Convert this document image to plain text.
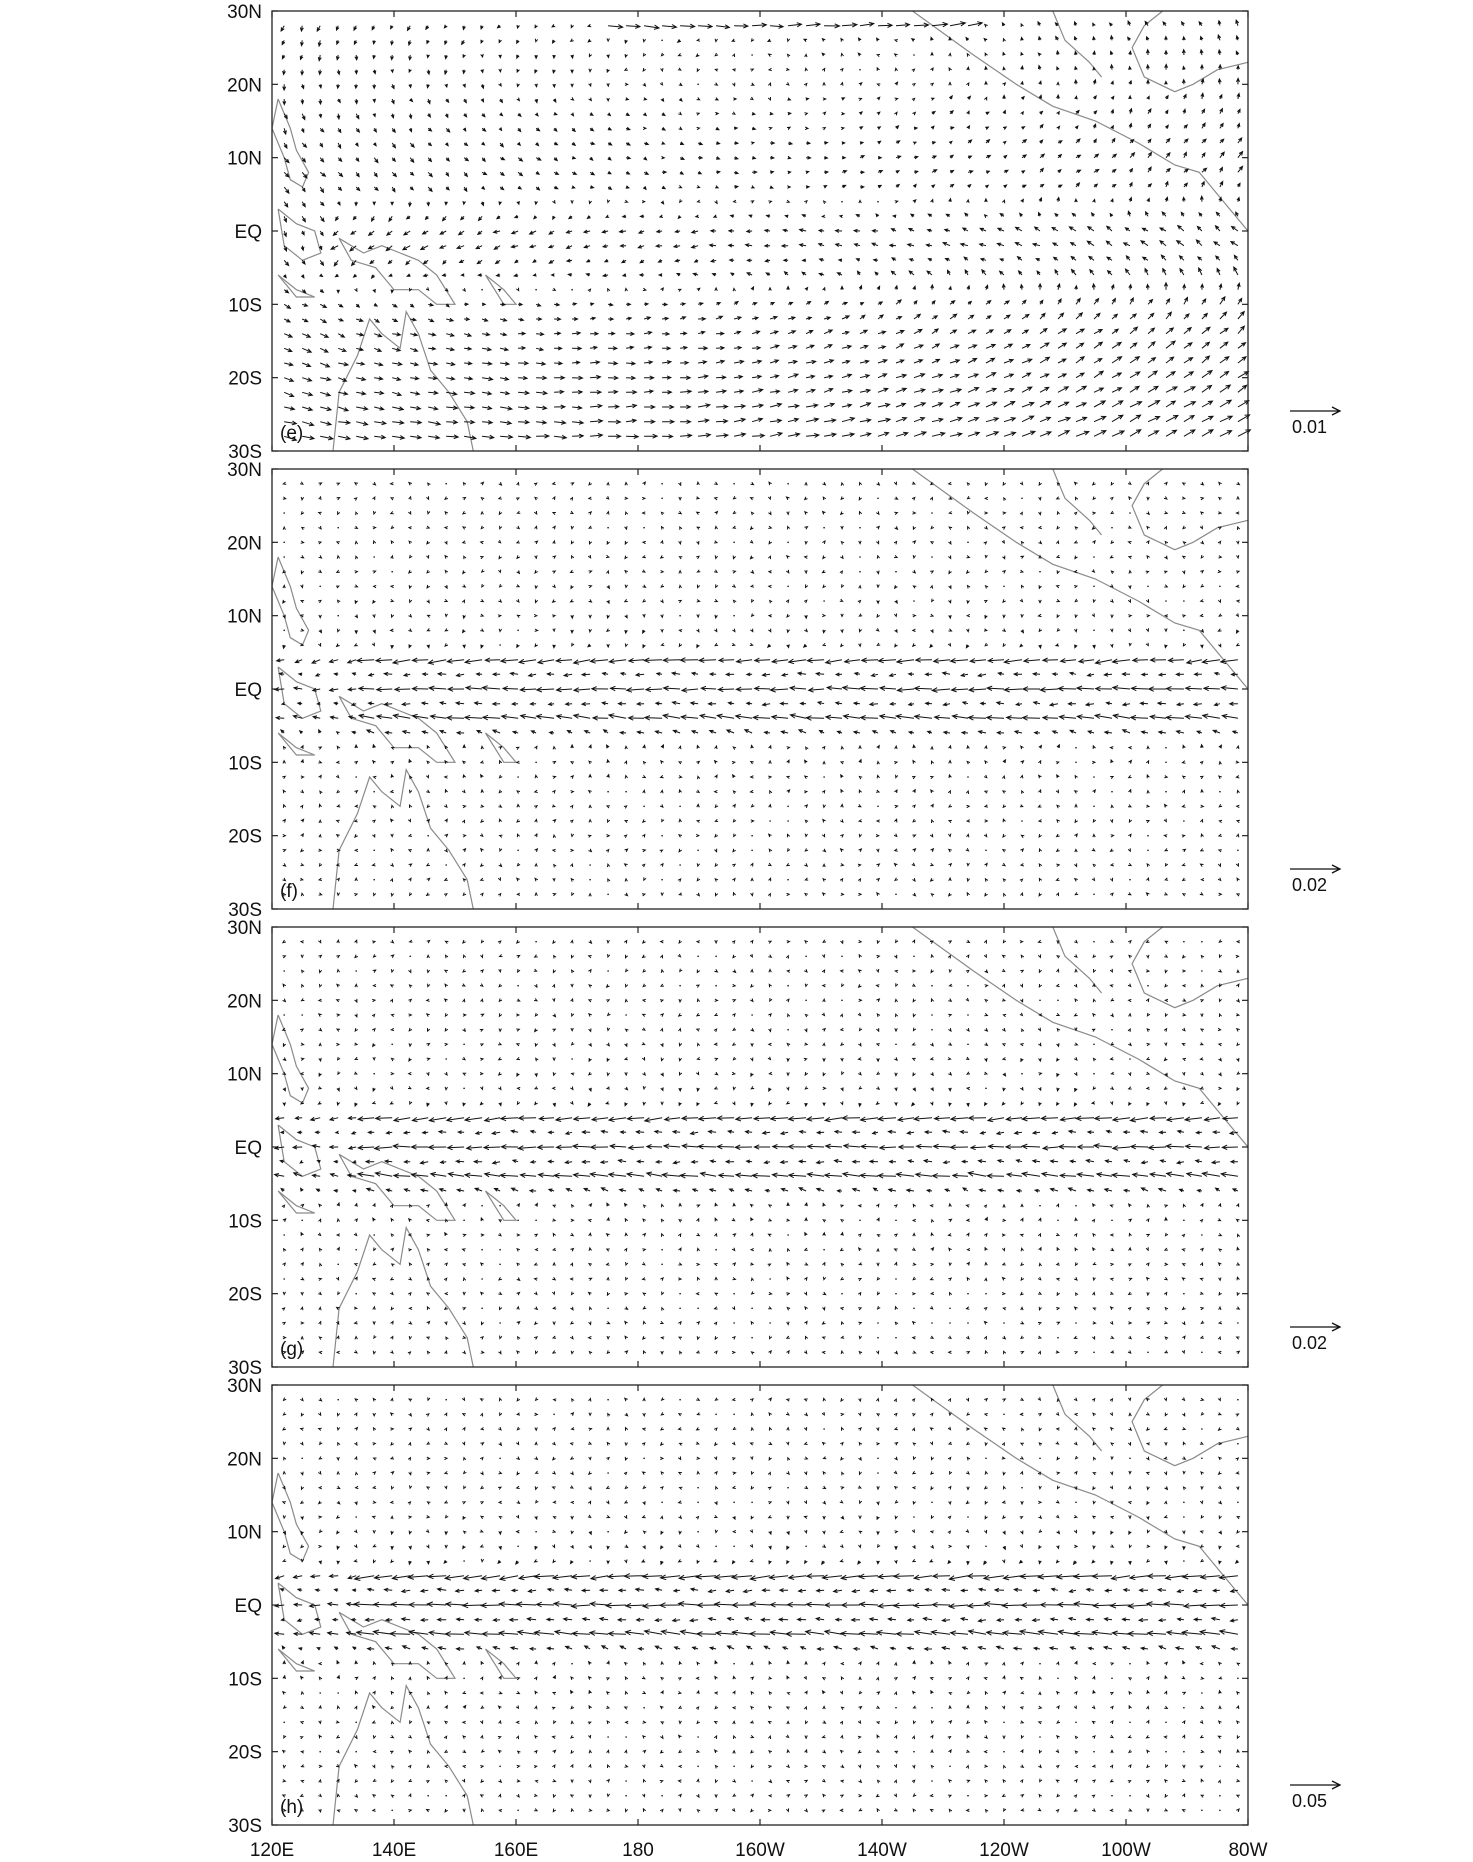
30N
20N
10N
EQ
10S
20S
30S
(e)	0.01
30N
20N
10N
EQ
10S
20S
30S
(f)	0.02
30N
20N
10N
EQ
10S
20S
30S
(g)	0.02
30N
20N
10N
EQ
10S
20S
30S
(h)	0.05
120E	140E	160E	180	160W	140W	120W	100W	80W
